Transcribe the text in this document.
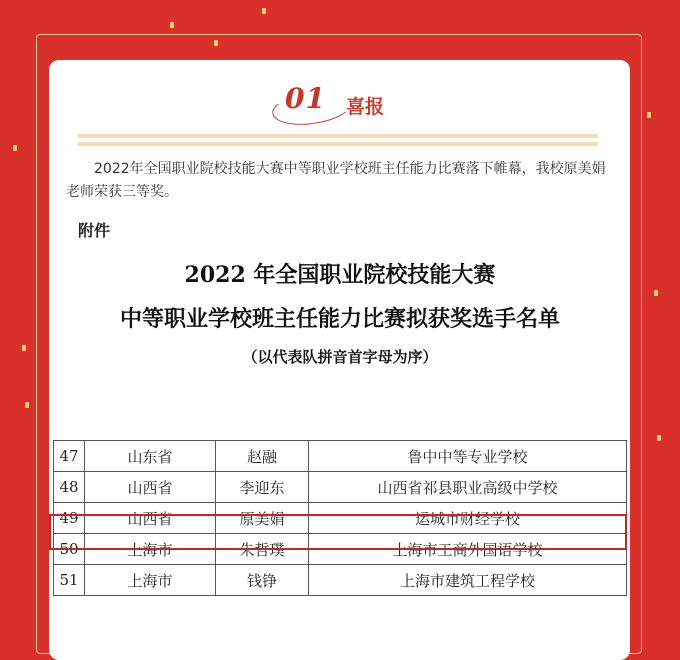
01 喜报
2022年全国职业院校技能大赛中等职业学校班主任能力比赛落下帷幕，我校原美娟老师荣获三等奖。
附件
2022 年全国职业院校技能大赛
中等职业学校班主任能力比赛拟获奖选手名单
（以代表队拼音首字母为序）
47	山东省	赵融	鲁中中等专业学校
48	山西省	李迎东	山西省祁县职业高级中学校
49	山西省	原美娟	运城市财经学校
50	上海市	朱哲璞	上海市工商外国语学校
51	上海市	钱铮	上海市建筑工程学校
